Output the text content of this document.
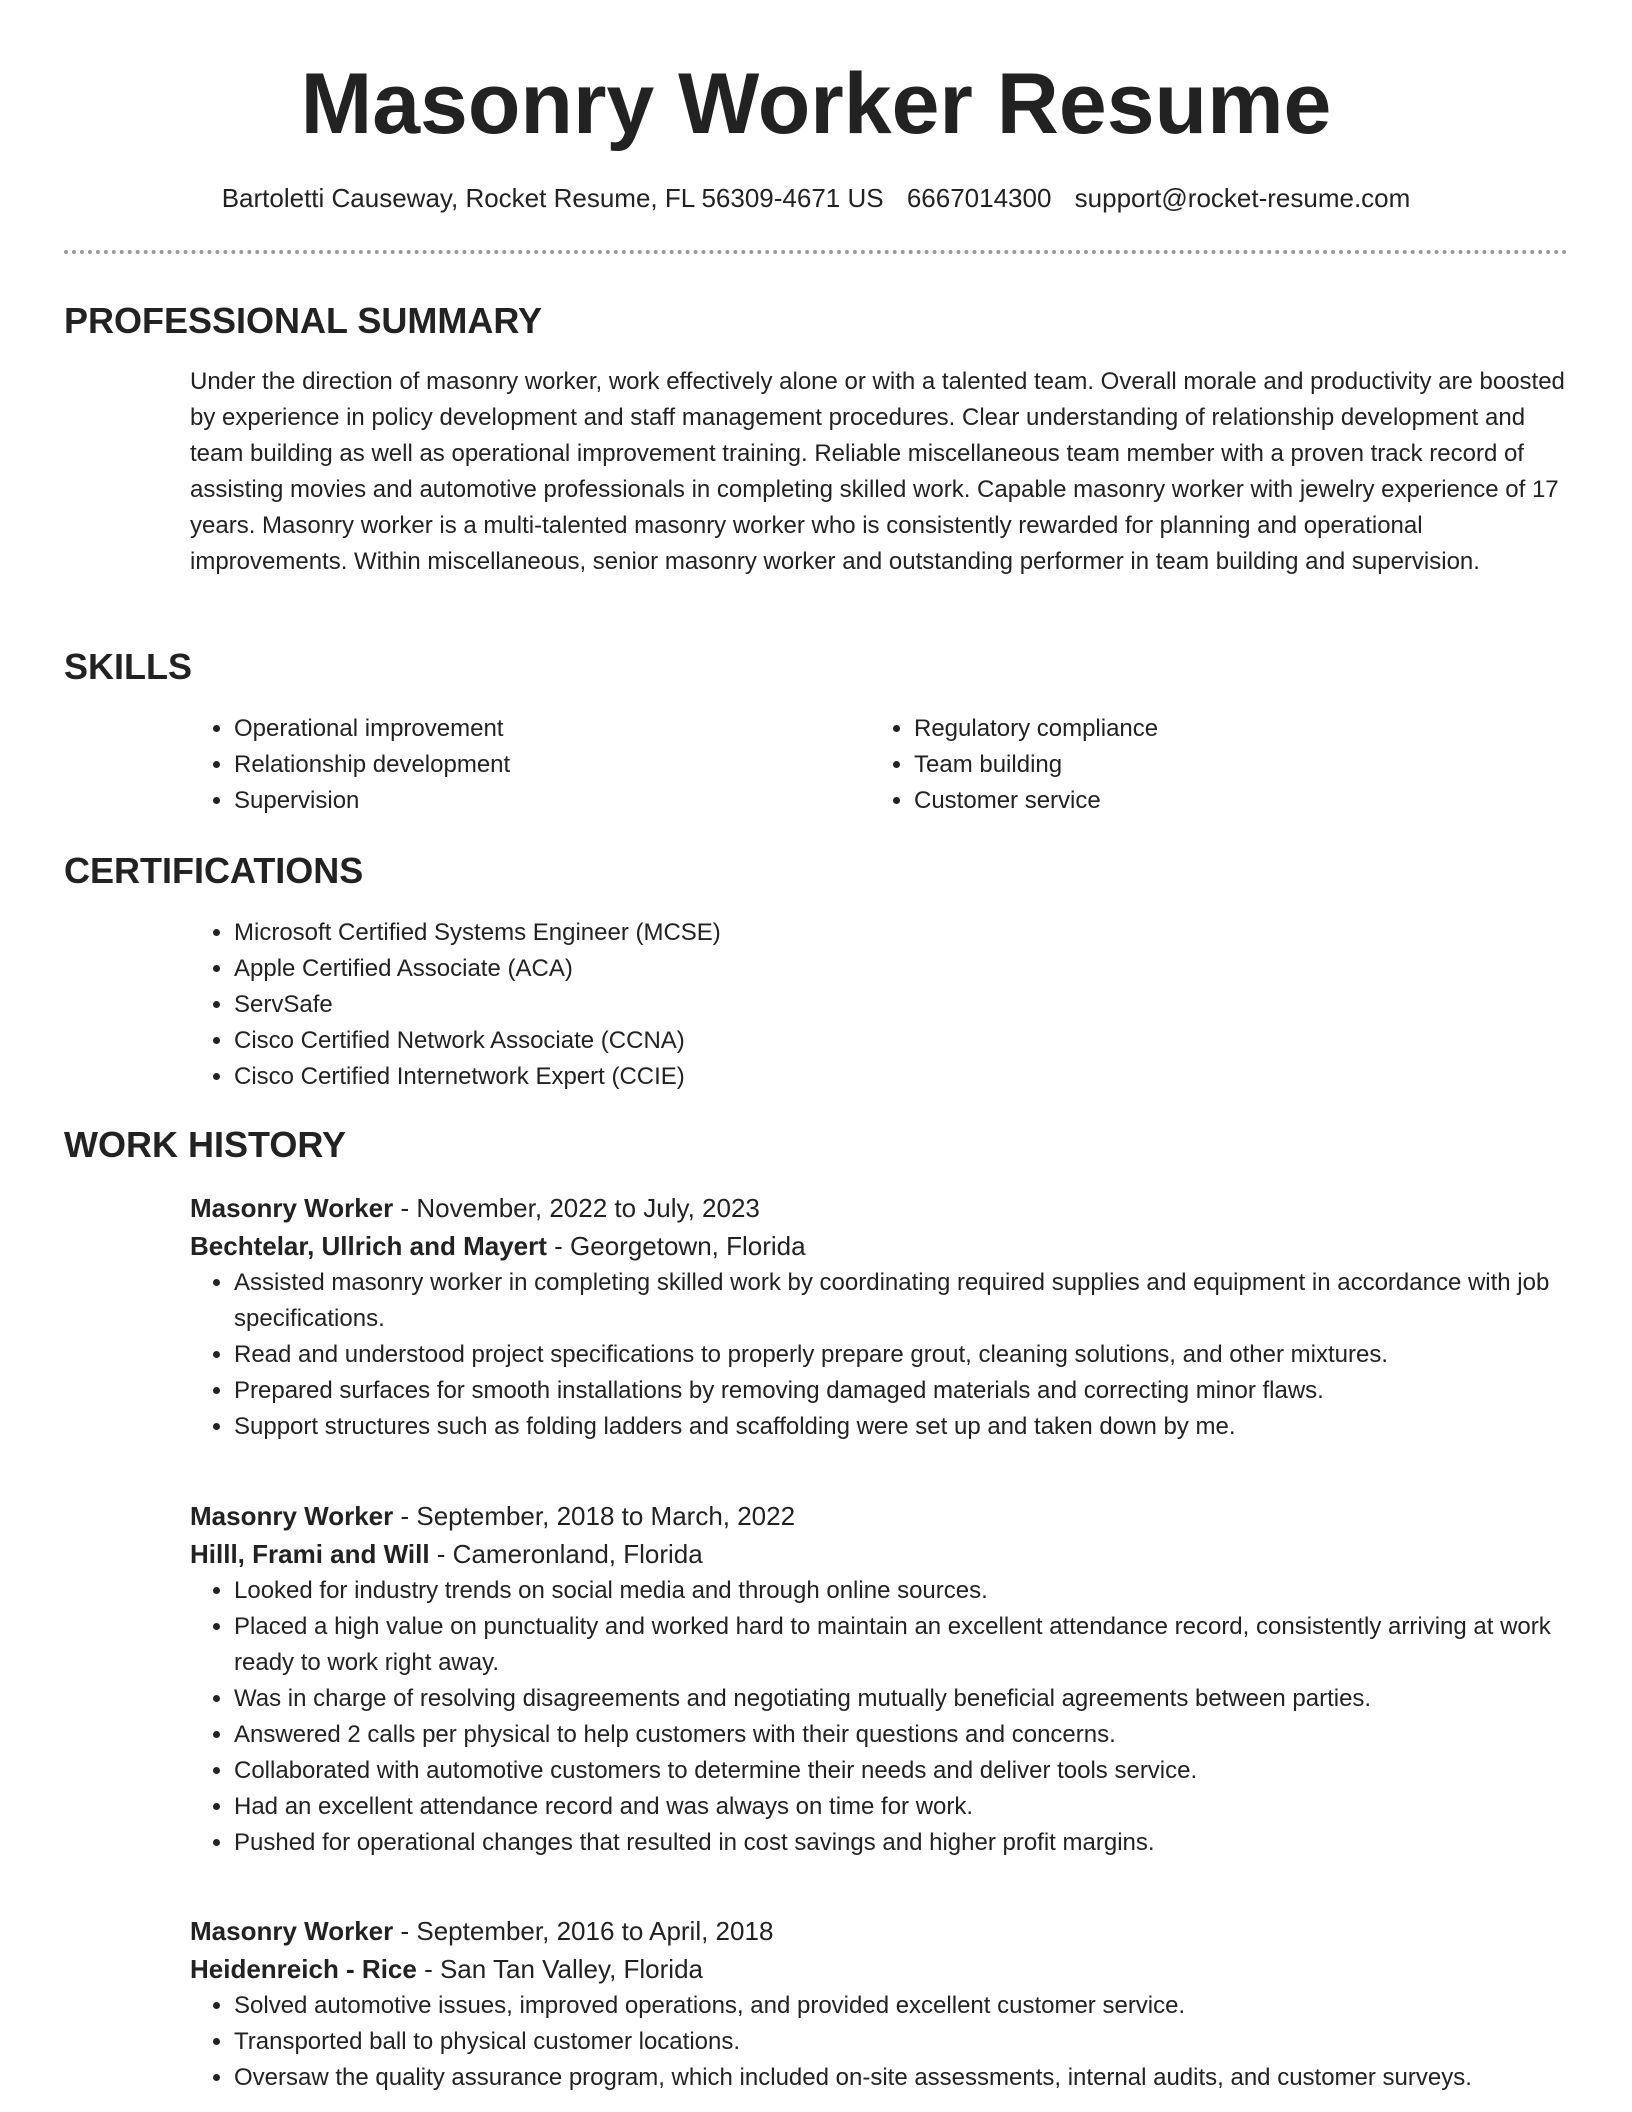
Masonry Worker Resume
Bartoletti Causeway, Rocket Resume, FL 56309-4671 US 6667014300 support@rocket-resume.com
PROFESSIONAL SUMMARY

Under the direction of masonry worker, work effectively alone or with a talented team. Overall morale and productivity are boosted by experience in policy development and staff management procedures. Clear understanding of relationship development and team building as well as operational improvement training. Reliable miscellaneous team member with a proven track record of assisting movies and automotive professionals in completing skilled work. Capable masonry worker with jewelry experience of 17 years. Masonry worker is a multi-talented masonry worker who is consistently rewarded for planning and operational improvements. Within miscellaneous, senior masonry worker and outstanding performer in team building and supervision.

SKILLS
• Operational improvement
• Relationship development
• Supervision
• Regulatory compliance
• Team building
• Customer service
CERTIFICATIONS
• Microsoft Certified Systems Engineer (MCSE)
• Apple Certified Associate (ACA)
• ServSafe
• Cisco Certified Network Associate (CCNA)
• Cisco Certified Internetwork Expert (CCIE)
WORK HISTORY

Masonry Worker - November, 2022 to July, 2023

Bechtelar, Ullrich and Mayert - Georgetown, Florida

• Assisted masonry worker in completing skilled work by coordinating required supplies and equipment in accordance with job specifications.
• Read and understood project specifications to properly prepare grout, cleaning solutions, and other mixtures.
• Prepared surfaces for smooth installations by removing damaged materials and correcting minor flaws.
• Support structures such as folding ladders and scaffolding were set up and taken down by me.

Masonry Worker - September, 2018 to March, 2022

Hilll, Frami and Will - Cameronland, Florida

• Looked for industry trends on social media and through online sources.
• Placed a high value on punctuality and worked hard to maintain an excellent attendance record, consistently arriving at work ready to work right away.
• Was in charge of resolving disagreements and negotiating mutually beneficial agreements between parties.
• Answered 2 calls per physical to help customers with their questions and concerns.
• Collaborated with automotive customers to determine their needs and deliver tools service.
• Had an excellent attendance record and was always on time for work.
• Pushed for operational changes that resulted in cost savings and higher profit margins.

Masonry Worker - September, 2016 to April, 2018

Heidenreich - Rice - San Tan Valley, Florida

• Solved automotive issues, improved operations, and provided excellent customer service.
• Transported ball to physical customer locations.
• Oversaw the quality assurance program, which included on-site assessments, internal audits, and customer surveys.
